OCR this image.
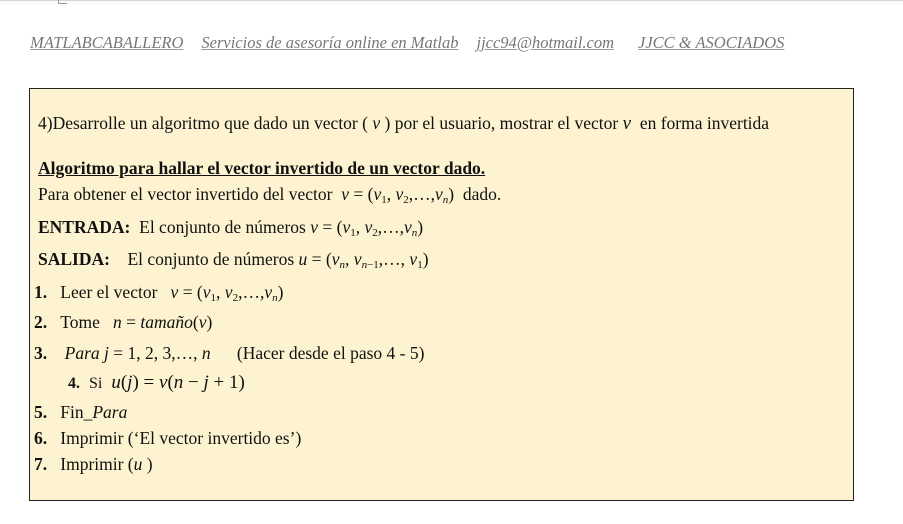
MATLABCABALLERO Servicios de asesoría online en Matlab jjcc94@hotmail.com JJCC & ASOCIADOS
4)Desarrolle un algoritmo que dado un vector ( v ) por el usuario, mostrar el vector v en forma invertida
Algoritmo para hallar el vector invertido de un vector dado.
Para obtener el vector invertido del vector $v = (v_1$, $v_2,\dots,v_n$) dado.
ENTRADA: El conjunto de números $v = (v_1$, $v_2,\dots,v_n$)
SALIDA: El conjunto de números $u = (v_n$, $v_{n-1},\dots$, $v_1$)
1. Leer el vector $v = (v_1$, $v_2,\dots,v_n$)
2. Tome n = tamaño(v)
3. Para j = 1, 2, 3,…, n (Hacer desde el paso 4 - 5)
4. Si u(j) = v(n − j + 1)
5. Fin_Para
6. Imprimir (‘El vector invertido es’)
7. Imprimir (u )
